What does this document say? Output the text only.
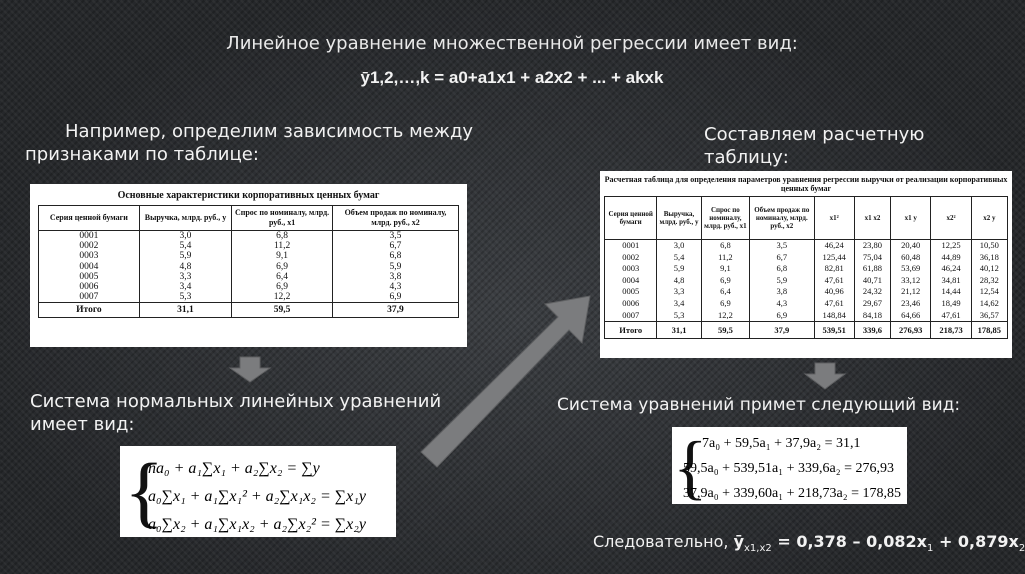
Линейное уравнение множественной регрессии имеет вид:
ӯ1,2,…,k = a0+a1x1 + a2x2 + ... + akxk
Например, определим зависимость между признаками по таблице:
Составляем расчетную таблицу:
Основные характеристики корпоративных ценных бумаг
Серия ценной бумаги	Выручка, млрд. руб., y	Спрос по номиналу, млрд. руб., x1	Объем продаж по номиналу, млрд. руб., x2
0001	3,0	6,8	3,5
0002	5,4	11,2	6,7
0003	5,9	9,1	6,8
0004	4,8	6,9	5,9
0005	3,3	6,4	3,8
0006	3,4	6,9	4,3
0007	5,3	12,2	6,9
Итого	31,1	59,5	37,9
Расчетная таблица для определения параметров уравнения регрессии выручки от реализации корпоративных ценных бумаг
Серия ценной бумаги	Выручка, млрд. руб., y	Спрос по номиналу, млрд. руб., x1	Объем продаж по номиналу, млрд. руб., x2	x1²	x1 x2	x1 y	x2²	x2 y
0001	3,0	6,8	3,5	46,24	23,80	20,40	12,25	10,50
0002	5,4	11,2	6,7	125,44	75,04	60,48	44,89	36,18
0003	5,9	9,1	6,8	82,81	61,88	53,69	46,24	40,12
0004	4,8	6,9	5,9	47,61	40,71	33,12	34,81	28,32
0005	3,3	6,4	3,8	40,96	24,32	21,12	14,44	12,54
0006	3,4	6,9	4,3	47,61	29,67	23,46	18,49	14,62
0007	5,3	12,2	6,9	148,84	84,18	64,66	47,61	36,57
Итого	31,1	59,5	37,9	539,51	339,6	276,93	218,73	178,85
Система нормальных линейных уравнений имеет вид:
Система уравнений примет следующий вид:
{
na₀ + a₁∑x₁ + a₂∑x₂ = ∑y
a₀∑x₁ + a₁∑x₁² + a₂∑x₁x₂ = ∑x₁y
a₀∑x₂ + a₁∑x₁x₂ + a₂∑x₂² = ∑x₂y
{
7a₀ + 59,5a₁ + 37,9a₂ = 31,1
59,5a₀ + 539,51a₁ + 339,6a₂ = 276,93
37,9a₀ + 339,60a₁ + 218,73a₂ = 178,85
Следовательно, $ӯ_{x1,x2} = 0,378 - 0,082x_1 + 0,879x_2$
